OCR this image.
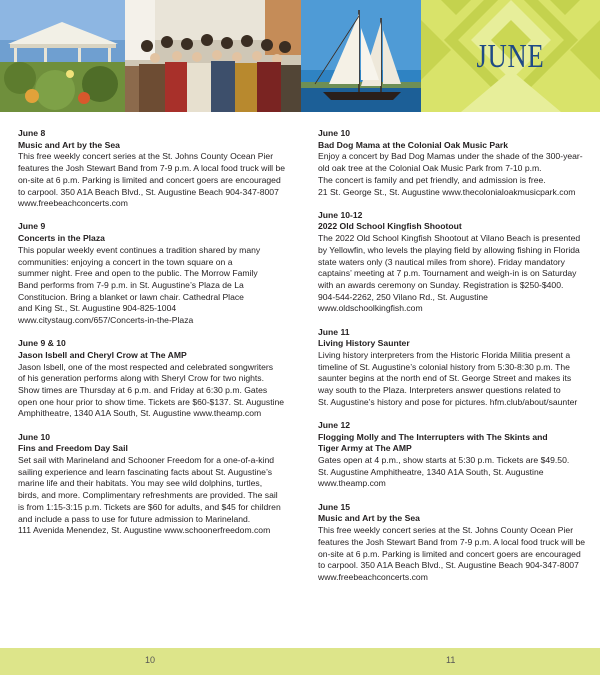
JUNE
June 8
Music and Art by the Sea
This free weekly concert series at the St. Johns County Ocean Pier
features the Josh Stewart Band from 7-9 p.m. A local food truck will be
on-site at 6 p.m. Parking is limited and concert goers are encouraged
to carpool. 350 A1A Beach Blvd., St. Augustine Beach 904-347-8007
www.freebeachconcerts.com
June 9
Concerts in the Plaza
This popular weekly event continues a tradition shared by many
communities: enjoying a concert in the town square on a
summer night. Free and open to the public. The Morrow Family
Band performs from 7-9 p.m. in St. Augustine’s Plaza de La
Constitucion. Bring a blanket or lawn chair. Cathedral Place
and King St., St. Augustine 904-825-1004
www.citystaug.com/657/Concerts-in-the-Plaza
June 9 & 10
Jason Isbell and Cheryl Crow at The AMP
Jason Isbell, one of the most respected and celebrated songwriters
of his generation performs along with Sheryl Crow for two nights.
Show times are Thursday at 6 p.m. and Friday at 6:30 p.m. Gates
open one hour prior to show time. Tickets are $60-$137. St. Augustine
Amphitheatre, 1340 A1A South, St. Augustine www.theamp.com
June 10
Fins and Freedom Day Sail
Set sail with Marineland and Schooner Freedom for a one-of-a-kind
sailing experience and learn fascinating facts about St. Augustine’s
marine life and their habitats. You may see wild dolphins, turtles,
birds, and more. Complimentary refreshments are provided. The sail
is from 1:15-3:15 p.m. Tickets are $60 for adults, and $45 for children
and include a pass to use for future admission to Marineland.
111 Avenida Menendez, St. Augustine www.schoonerfreedom.com
June 10
Bad Dog Mama at the Colonial Oak Music Park
Enjoy a concert by Bad Dog Mamas under the shade of the 300-year-
old oak tree at the Colonial Oak Music Park from 7-10 p.m.
The concert is family and pet friendly, and admission is free.
21 St. George St., St. Augustine www.thecolonialoakmusicpark.com
June 10-12
2022 Old School Kingfish Shootout
The 2022 Old School Kingfish Shootout at Vilano Beach is presented
by Yellowfin, who levels the playing field by allowing fishing in Florida
state waters only (3 nautical miles from shore). Friday mandatory
captains’ meeting at 7 p.m. Tournament and weigh-in is on Saturday
with an awards ceremony on Sunday. Registration is $250-$400.
904-544-2262, 250 Vilano Rd., St. Augustine www.oldschoolkingfish.com
June 11
Living History Saunter
Living history interpreters from the Historic Florida Militia present a
timeline of St. Augustine’s colonial history from 5:30-8:30 p.m. The
saunter begins at the north end of St. George Street and makes its
way south to the Plaza. Interpreters answer questions related to
St. Augustine’s history and pose for pictures. hfm.club/about/saunter
June 12
Flogging Molly and The Interrupters with The Skints and
Tiger Army at The AMP
Gates open at 4 p.m., show starts at 5:30 p.m. Tickets are $49.50.
St. Augustine Amphitheatre, 1340 A1A South, St. Augustine
www.theamp.com
June 15
Music and Art by the Sea
This free weekly concert series at the St. Johns County Ocean Pier
features the Josh Stewart Band from 7-9 p.m. A local food truck will be
on-site at 6 p.m. Parking is limited and concert goers are encouraged
to carpool. 350 A1A Beach Blvd., St. Augustine Beach 904-347-8007
www.freebeachconcerts.com
10	11
